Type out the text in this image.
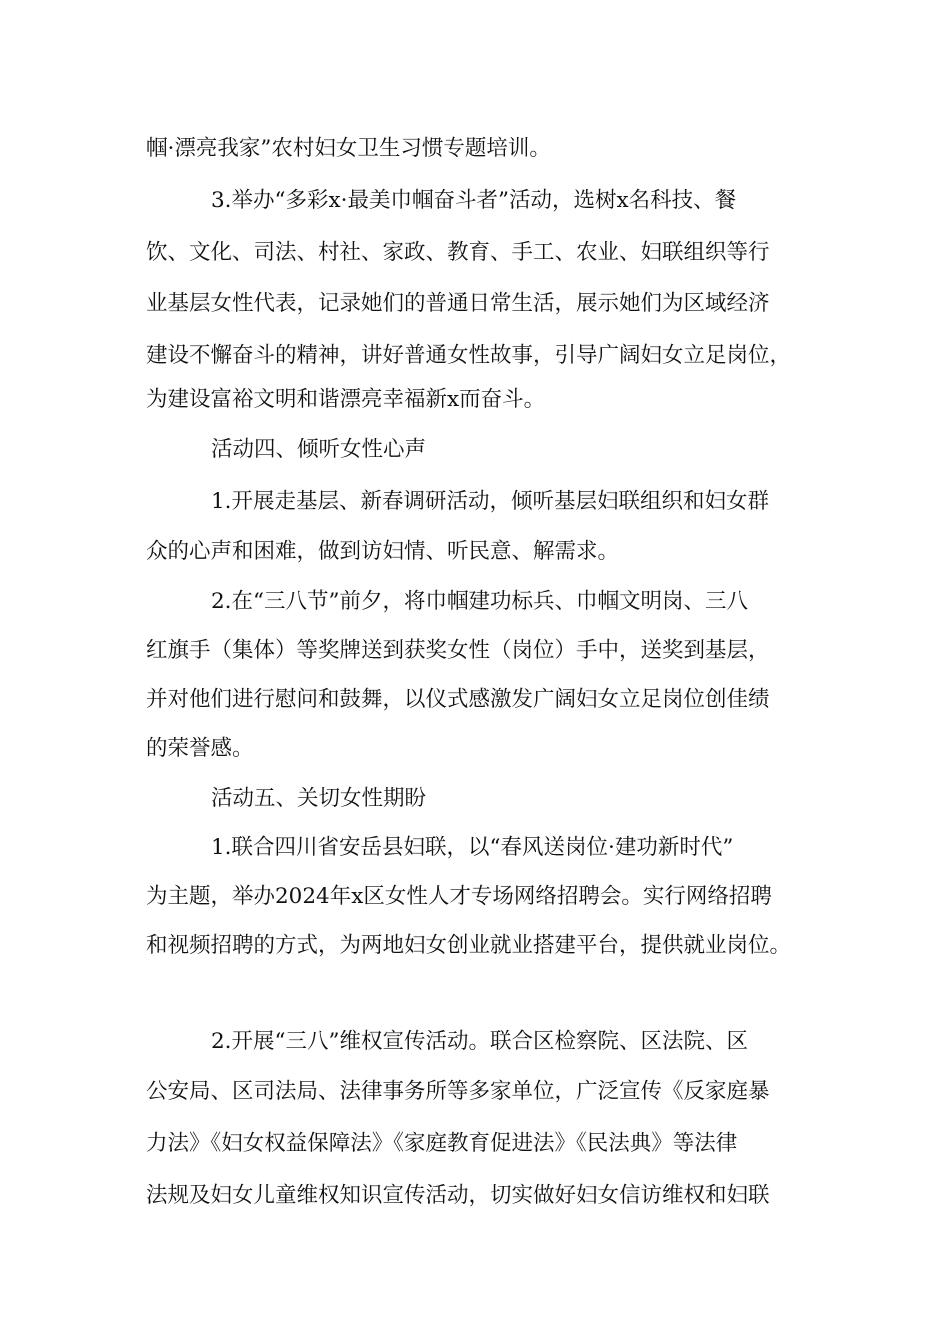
帼·漂亮我家”农村妇女卫生习惯专题培训。
3.举办“多彩x·最美巾帼奋斗者”活动，选树x名科技、餐
饮、文化、司法、村社、家政、教育、手工、农业、妇联组织等行
业基层女性代表，记录她们的普通日常生活，展示她们为区域经济
建设不懈奋斗的精神，讲好普通女性故事，引导广阔妇女立足岗位，
为建设富裕文明和谐漂亮幸福新x而奋斗。
活动四、倾听女性心声
1.开展走基层、新春调研活动，倾听基层妇联组织和妇女群
众的心声和困难，做到访妇情、听民意、解需求。
2.在“三八节”前夕，将巾帼建功标兵、巾帼文明岗、三八
红旗手（集体）等奖牌送到获奖女性（岗位）手中，送奖到基层，
并对他们进行慰问和鼓舞，以仪式感激发广阔妇女立足岗位创佳绩
的荣誉感。
活动五、关切女性期盼
1.联合四川省安岳县妇联，以“春风送岗位·建功新时代”
为主题，举办2024年x区女性人才专场网络招聘会。实行网络招聘
和视频招聘的方式，为两地妇女创业就业搭建平台，提供就业岗位。
2.开展“三八”维权宣传活动。联合区检察院、区法院、区
公安局、区司法局、法律事务所等多家单位，广泛宣传《反家庭暴
力法》《妇女权益保障法》《家庭教育促进法》《民法典》等法律
法规及妇女儿童维权知识宣传活动，切实做好妇女信访维权和妇联
